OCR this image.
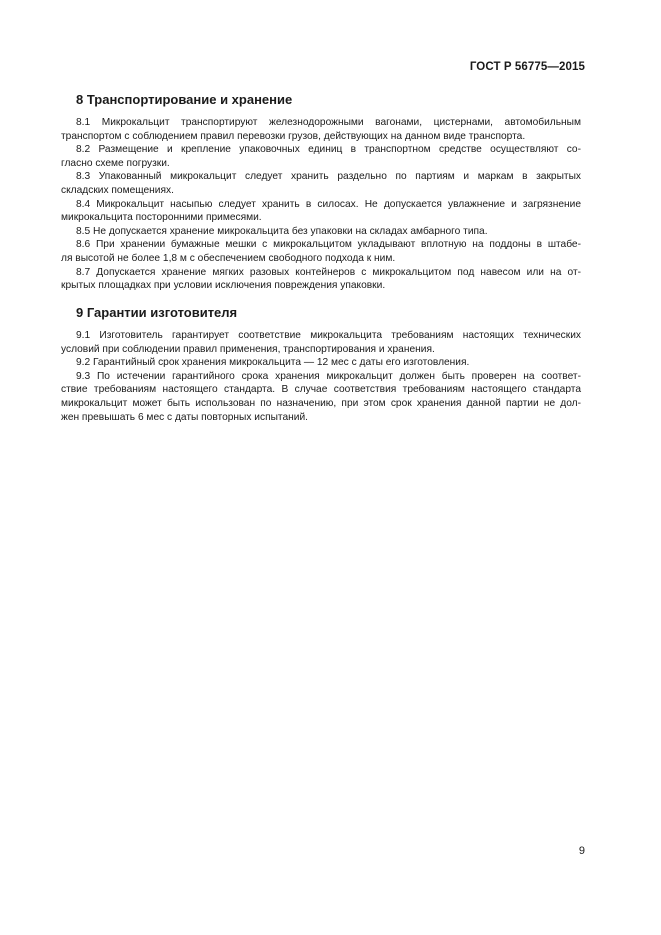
ГОСТ Р 56775—2015
8 Транспортирование и хранение
8.1 Микрокальцит транспортируют железнодорожными вагонами, цистернами, автомобильным
транспортом с соблюдением правил перевозки грузов, действующих на данном виде транспорта.
8.2 Размещение и крепление упаковочных единиц в транспортном средстве осуществляют со-
гласно схеме погрузки.
8.3 Упакованный микрокальцит следует хранить раздельно по партиям и маркам в закрытых
складских помещениях.
8.4 Микрокальцит насыпью следует хранить в силосах. Не допускается увлажнение и загрязнение
микрокальцита посторонними примесями.
8.5 Не допускается хранение микрокальцита без упаковки на складах амбарного типа.
8.6 При хранении бумажные мешки с микрокальцитом укладывают вплотную на поддоны в штабе-
ля высотой не более 1,8 м с обеспечением свободного подхода к ним.
8.7 Допускается хранение мягких разовых контейнеров с микрокальцитом под навесом или на от-
крытых площадках при условии исключения повреждения упаковки.
9 Гарантии изготовителя
9.1 Изготовитель гарантирует соответствие микрокальцита требованиям настоящих технических
условий при соблюдении правил применения, транспортирования и хранения.
9.2 Гарантийный срок хранения микрокальцита — 12 мес с даты его изготовления.
9.3 По истечении гарантийного срока хранения микрокальцит должен быть проверен на соответ-
ствие требованиям настоящего стандарта. В случае соответствия требованиям настоящего стандарта
микрокальцит может быть использован по назначению, при этом срок хранения данной партии не дол-
жен превышать 6 мес с даты повторных испытаний.
9
